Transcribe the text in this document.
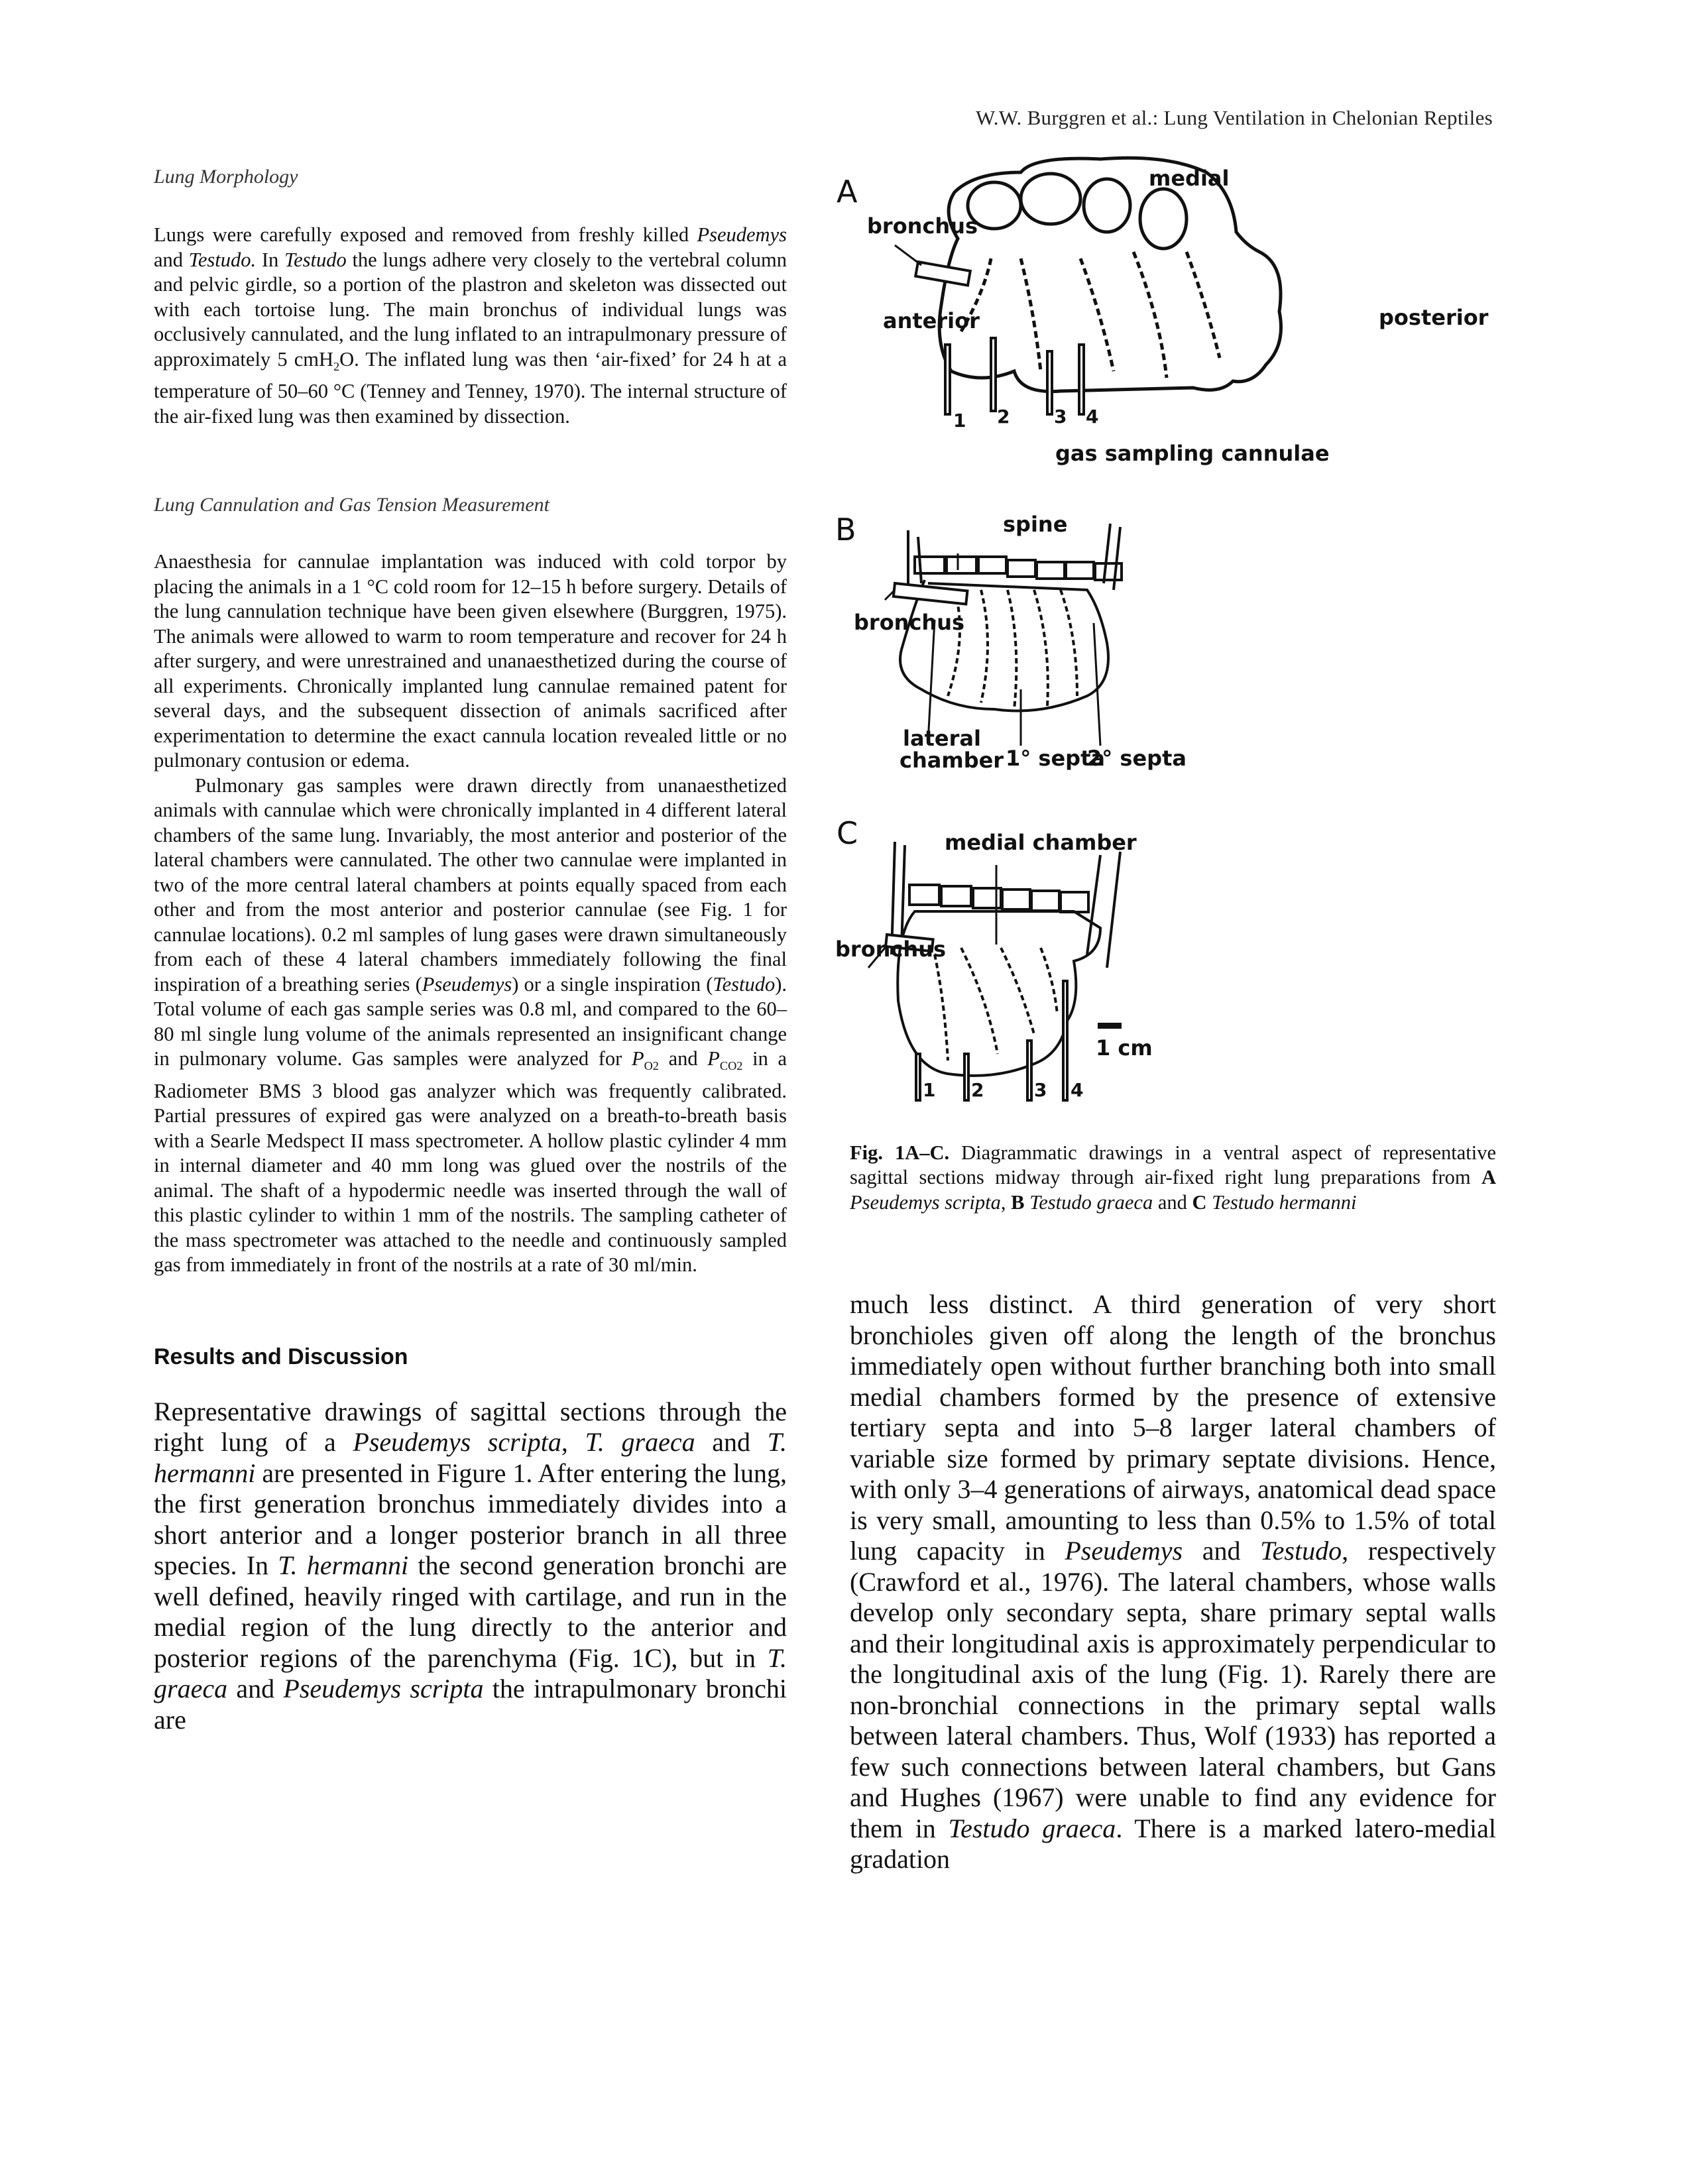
W.W. Burggren et al.: Lung Ventilation in Chelonian Reptiles

Lung Morphology

Lungs were carefully exposed and removed from freshly killed Pseudemys and Testudo. In Testudo the lungs adhere very closely to the vertebral column and pelvic girdle, so a portion of the plastron and skeleton was dissected out with each tortoise lung. The main bronchus of individual lungs was occlusively cannulated, and the lung inflated to an intrapulmonary pressure of approximately 5 cmH$_2$O. The inflated lung was then ‘air-fixed’ for 24 h at a temperature of 50–60 °C (Tenney and Tenney, 1970). The internal structure of the air-fixed lung was then examined by dissection.

Lung Cannulation and Gas Tension Measurement

Anaesthesia for cannulae implantation was induced with cold torpor by placing the animals in a 1 °C cold room for 12–15 h before surgery. Details of the lung cannulation technique have been given elsewhere (Burggren, 1975). The animals were allowed to warm to room temperature and recover for 24 h after surgery, and were unrestrained and unanaesthetized during the course of all experiments. Chronically implanted lung cannulae remained patent for several days, and the subsequent dissection of animals sacrificed after experimentation to determine the exact cannula location revealed little or no pulmonary contusion or edema.

Pulmonary gas samples were drawn directly from unanaesthetized animals with cannulae which were chronically implanted in 4 different lateral chambers of the same lung. Invariably, the most anterior and posterior of the lateral chambers were cannulated. The other two cannulae were implanted in two of the more central lateral chambers at points equally spaced from each other and from the most anterior and posterior cannulae (see Fig. 1 for cannulae locations). 0.2 ml samples of lung gases were drawn simultaneously from each of these 4 lateral chambers immediately following the final inspiration of a breathing series (Pseudemys) or a single inspiration (Testudo). Total volume of each gas sample series was 0.8 ml, and compared to the 60–80 ml single lung volume of the animals represented an insignificant change in pulmonary volume. Gas samples were analyzed for $P_{O2}$ and $P_{CO2}$ in a Radiometer BMS 3 blood gas analyzer which was frequently calibrated. Partial pressures of expired gas were analyzed on a breath-to-breath basis with a Searle Medspect II mass spectrometer. A hollow plastic cylinder 4 mm in internal diameter and 40 mm long was glued over the nostrils of the animal. The shaft of a hypodermic needle was inserted through the wall of this plastic cylinder to within 1 mm of the nostrils. The sampling catheter of the mass spectrometer was attached to the needle and continuously sampled gas from immediately in front of the nostrils at a rate of 30 ml/min.

Results and Discussion

Representative drawings of sagittal sections through the right lung of a Pseudemys scripta, T. graeca and T. hermanni are presented in Figure 1. After entering the lung, the first generation bronchus immediately divides into a short anterior and a longer posterior branch in all three species. In T. hermanni the second generation bronchi are well defined, heavily ringed with cartilage, and run in the medial region of the lung directly to the anterior and posterior regions of the parenchyma (Fig. 1C), but in T. graeca and Pseudemys scripta the intrapulmonary bronchi are

A	medial
bronchus
anterior	posterior
1 2 3 4
gas sampling cannulae
B	spine
bronchus
lateral
chamber 1° septa
2° septa
C	medial chamber
bronchus
1 cm
1 2	3 4

Fig. 1A–C. Diagrammatic drawings in a ventral aspect of representative sagittal sections midway through air-fixed right lung preparations from A Pseudemys scripta, B Testudo graeca and C Testudo hermanni

much less distinct. A third generation of very short bronchioles given off along the length of the bronchus immediately open without further branching both into small medial chambers formed by the presence of extensive tertiary septa and into 5–8 larger lateral chambers of variable size formed by primary septate divisions. Hence, with only 3–4 generations of airways, anatomical dead space is very small, amounting to less than 0.5% to 1.5% of total lung capacity in Pseudemys and Testudo, respectively (Crawford et al., 1976). The lateral chambers, whose walls develop only secondary septa, share primary septal walls and their longitudinal axis is approximately perpendicular to the longitudinal axis of the lung (Fig. 1). Rarely there are non-bronchial connections in the primary septal walls between lateral chambers. Thus, Wolf (1933) has reported a few such connections between lateral chambers, but Gans and Hughes (1967) were unable to find any evidence for them in Testudo graeca. There is a marked latero-medial gradation
